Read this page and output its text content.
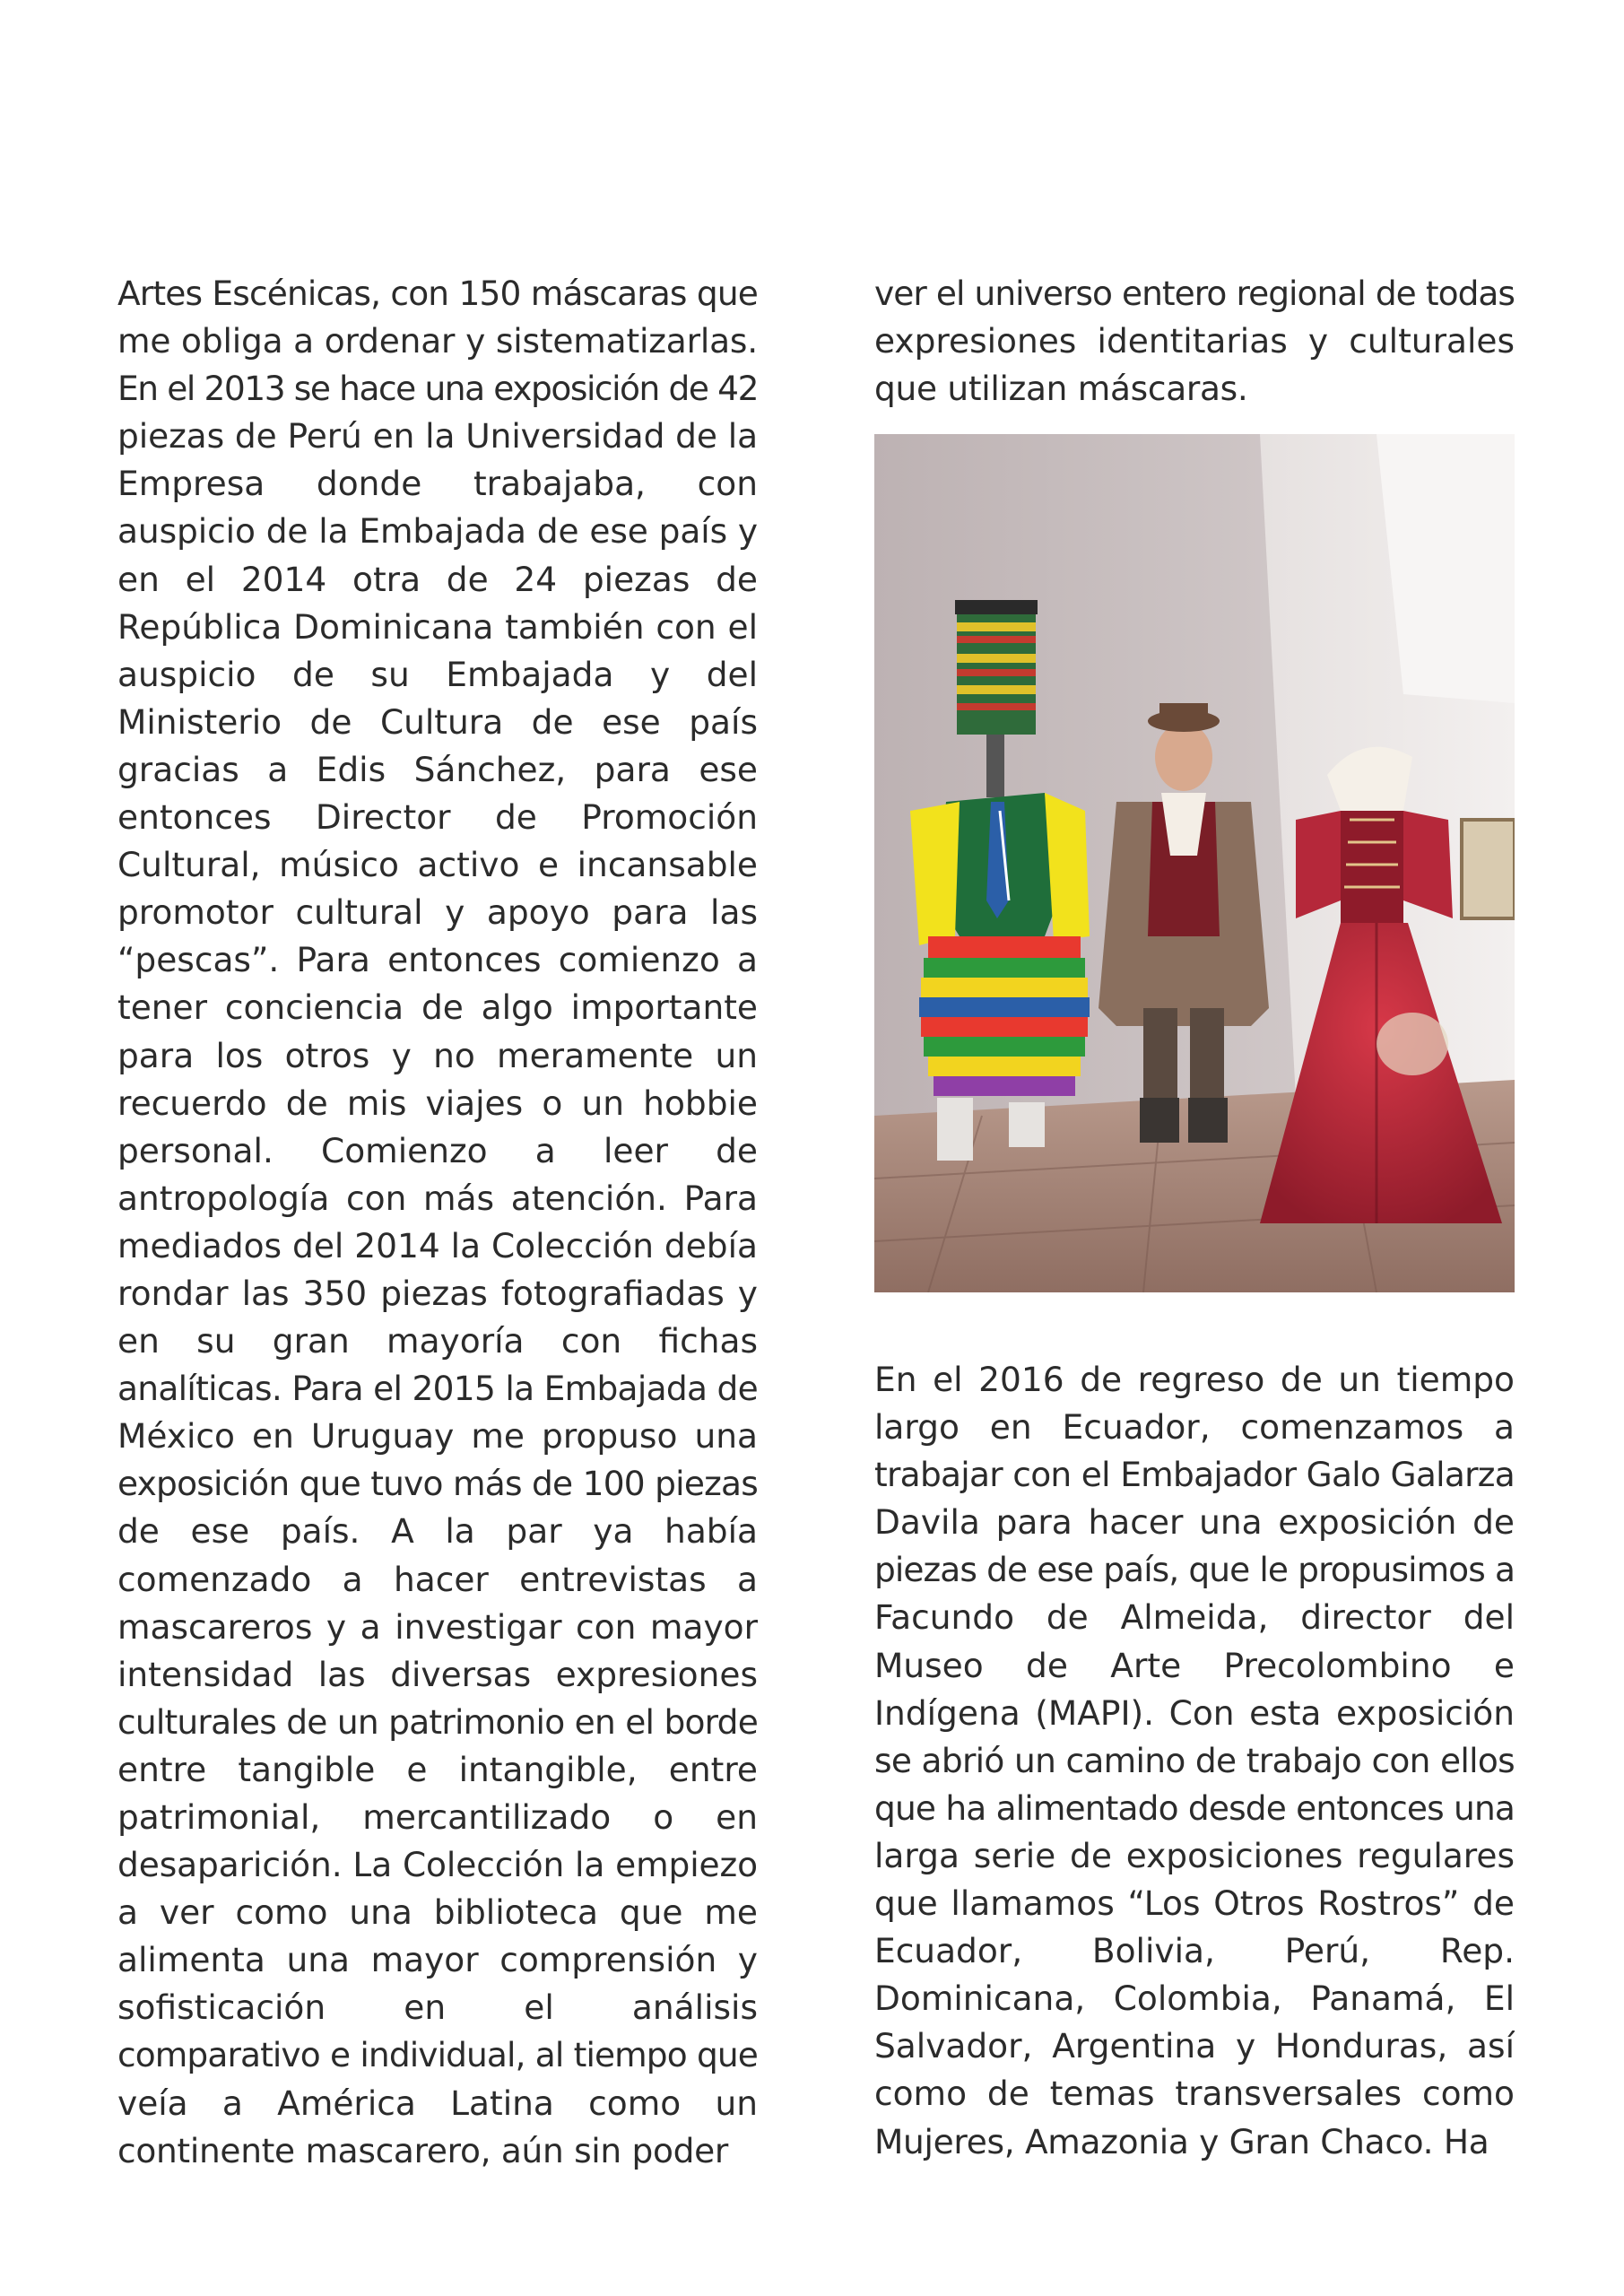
Artes Escénicas, con 150 máscaras que
me obliga a ordenar y sistematizarlas.
En el 2013 se hace una exposición de 42
piezas de Perú en la Universidad de la
Empresa donde trabajaba, con
auspicio de la Embajada de ese país y
en el 2014 otra de 24 piezas de
República Dominicana también con el
auspicio de su Embajada y del
Ministerio de Cultura de ese país
gracias a Edis Sánchez, para ese
entonces Director de Promoción
Cultural, músico activo e incansable
promotor cultural y apoyo para las
“pescas”. Para entonces comienzo a
tener conciencia de algo importante
para los otros y no meramente un
recuerdo de mis viajes o un hobbie
personal. Comienzo a leer de
antropología con más atención. Para
mediados del 2014 la Colección debía
rondar las 350 piezas fotografiadas y
en su gran mayoría con fichas
analíticas. Para el 2015 la Embajada de
México en Uruguay me propuso una
exposición que tuvo más de 100 piezas
de ese país. A la par ya había
comenzado a hacer entrevistas a
mascareros y a investigar con mayor
intensidad las diversas expresiones
culturales de un patrimonio en el borde
entre tangible e intangible, entre
patrimonial, mercantilizado o en
desaparición. La Colección la empiezo
a ver como una biblioteca que me
alimenta una mayor comprensión y
sofisticación en el análisis
comparativo e individual, al tiempo que
veía a América Latina como un
continente mascarero, aún sin poder
ver el universo entero regional de todas
expresiones identitarias y culturales
que utilizan máscaras.
En el 2016 de regreso de un tiempo
largo en Ecuador, comenzamos a
trabajar con el Embajador Galo Galarza
Davila para hacer una exposición de
piezas de ese país, que le propusimos a
Facundo de Almeida, director del
Museo de Arte Precolombino e
Indígena (MAPI). Con esta exposición
se abrió un camino de trabajo con ellos
que ha alimentado desde entonces una
larga serie de exposiciones regulares
que llamamos “Los Otros Rostros” de
Ecuador, Bolivia, Perú, Rep.
Dominicana, Colombia, Panamá, El
Salvador, Argentina y Honduras, así
como de temas transversales como
Mujeres, Amazonia y Gran Chaco. Ha
